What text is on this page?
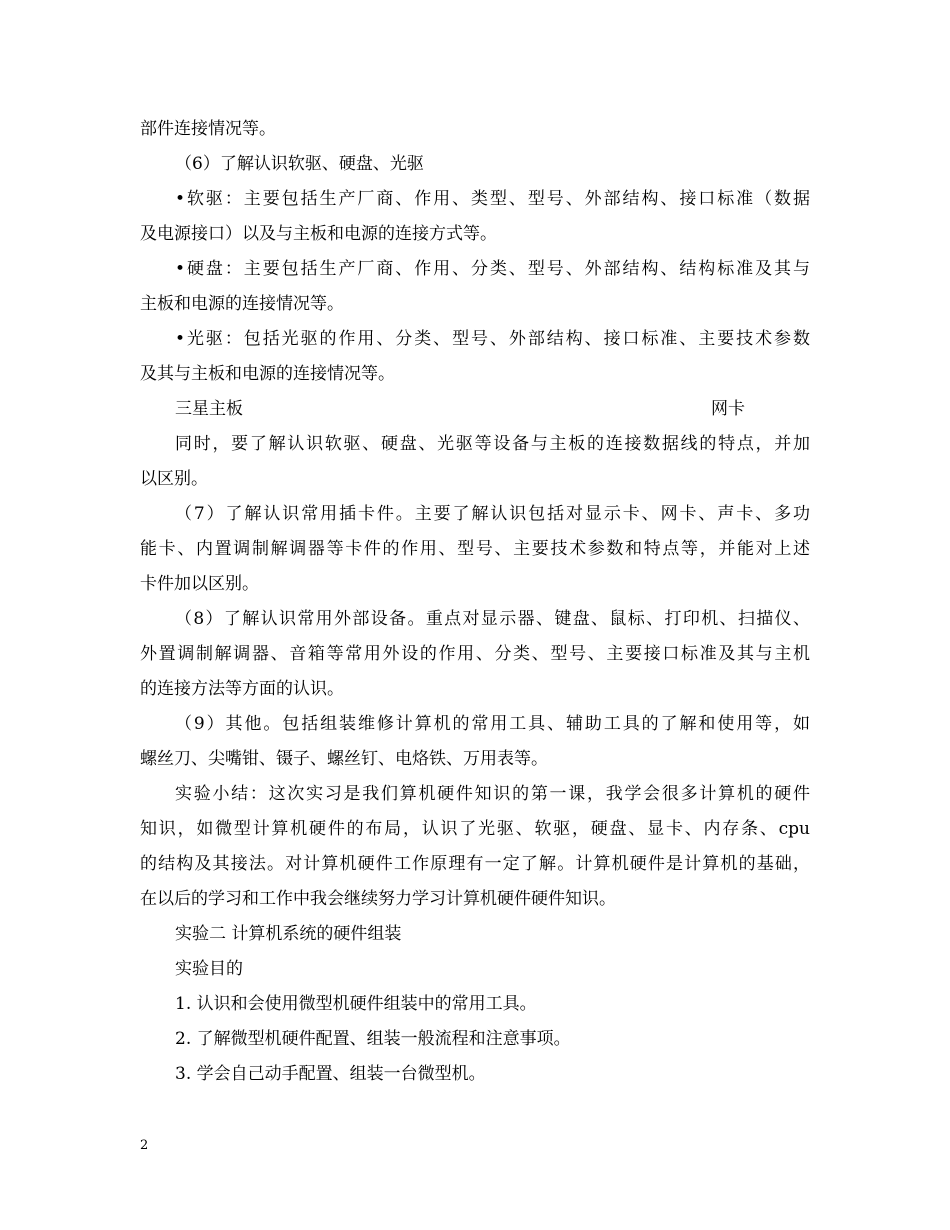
部件连接情况等。
（6）了解认识软驱、硬盘、光驱
•软驱：主要包括生产厂商、作用、类型、型号、外部结构、接口标准（数据
及电源接口）以及与主板和电源的连接方式等。
•硬盘：主要包括生产厂商、作用、分类、型号、外部结构、结构标准及其与
主板和电源的连接情况等。
•光驱：包括光驱的作用、分类、型号、外部结构、接口标准、主要技术参数
及其与主板和电源的连接情况等。
三星主板	网卡
同时，要了解认识软驱、硬盘、光驱等设备与主板的连接数据线的特点，并加
以区别。
（7）了解认识常用插卡件。主要了解认识包括对显示卡、网卡、声卡、多功
能卡、内置调制解调器等卡件的作用、型号、主要技术参数和特点等，并能对上述
卡件加以区别。
（8）了解认识常用外部设备。重点对显示器、键盘、鼠标、打印机、扫描仪、
外置调制解调器、音箱等常用外设的作用、分类、型号、主要接口标准及其与主机
的连接方法等方面的认识。
（9）其他。包括组装维修计算机的常用工具、辅助工具的了解和使用等，如
螺丝刀、尖嘴钳、镊子、螺丝钉、电烙铁、万用表等。
实验小结：这次实习是我们算机硬件知识的第一课，我学会很多计算机的硬件
知识，如微型计算机硬件的布局，认识了光驱、软驱，硬盘、显卡、内存条、cpu
的结构及其接法。对计算机硬件工作原理有一定了解。计算机硬件是计算机的基础，
在以后的学习和工作中我会继续努力学习计算机硬件硬件知识。
实验二 计算机系统的硬件组装
实验目的
1. 认识和会使用微型机硬件组装中的常用工具。
2. 了解微型机硬件配置、组装一般流程和注意事项。
3. 学会自己动手配置、组装一台微型机。
2
